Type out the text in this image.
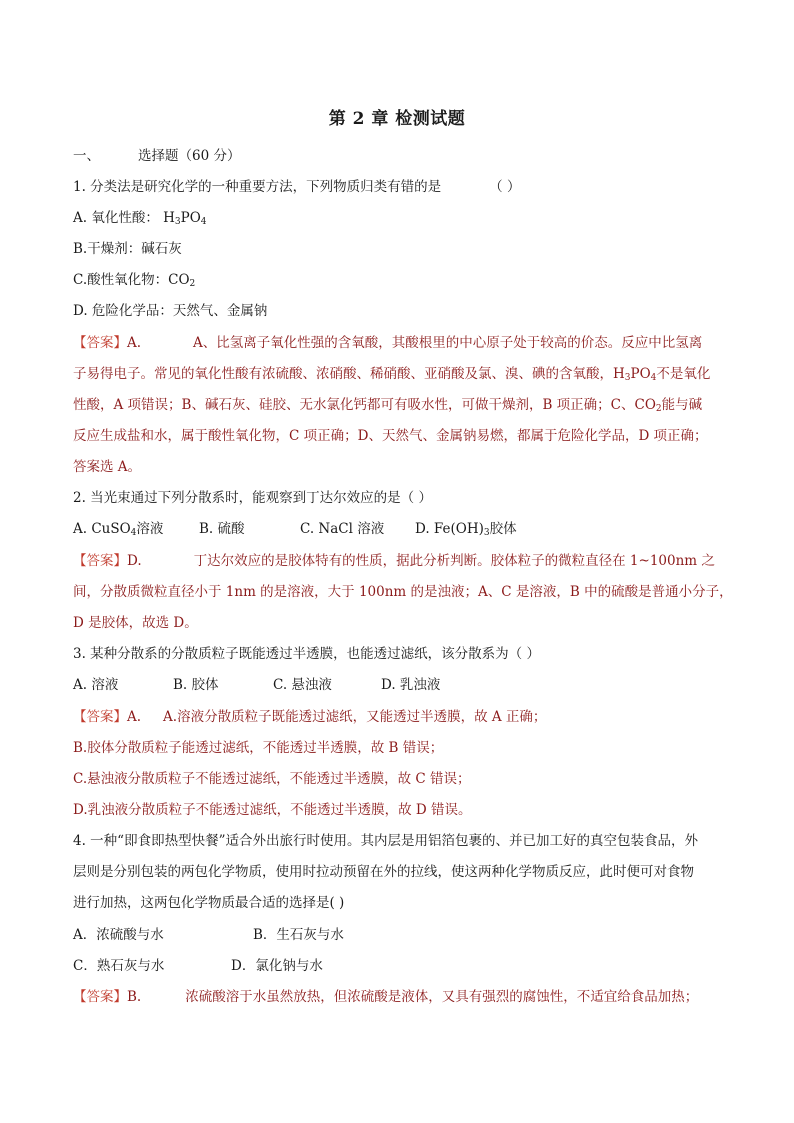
第 2 章 检测试题
一、	选择题（60 分）
1. 分类法是研究化学的一种重要方法，下列物质归类有错的是	（ ）
A. 氧化性酸： $H_3PO_4$
B.干燥剂：碱石灰
C.酸性氧化物：$CO_2$
D. 危险化学品：天然气、金属钠
【答案】A.	A、比氢离子氧化性强的含氧酸，其酸根里的中心原子处于较高的价态。反应中比氢离
子易得电子。常见的氧化性酸有浓硫酸、浓硝酸、稀硝酸、亚硝酸及氯、溴、碘的含氧酸，$H_3PO_4$不是氧化
性酸，A 项错误；B、碱石灰、硅胶、无水氯化钙都可有吸水性，可做干燥剂，B 项正确；C、$CO_2$能与碱
反应生成盐和水，属于酸性氧化物，C 项正确；D、天然气、金属钠易燃，都属于危险化学品，D 项正确；
答案选 A。
2. 当光束通过下列分散系时，能观察到丁达尔效应的是（ ）
A. CuSO$_4$溶液	B. 硫酸	C. NaCl 溶液 D. $Fe(OH)_3$胶体
【答案】D.	丁达尔效应的是胶体特有的性质，据此分析判断。胶体粒子的微粒直径在 1~100nm 之
间，分散质微粒直径小于 1nm 的是溶液，大于 100nm 的是浊液；A、C 是溶液，B 中的硫酸是普通小分子，
D 是胶体，故选 D。
3. 某种分散系的分散质粒子既能透过半透膜，也能透过滤纸，该分散系为（ ）
A. 溶液	B. 胶体	C. 悬浊液	D. 乳浊液
【答案】A. A.溶液分散质粒子既能透过滤纸，又能透过半透膜，故 A 正确；
B.胶体分散质粒子能透过滤纸，不能透过半透膜，故 B 错误；
C.悬浊液分散质粒子不能透过滤纸，不能透过半透膜，故 C 错误；
D.乳浊液分散质粒子不能透过滤纸，不能透过半透膜，故 D 错误。
4. 一种“即食即热型快餐”适合外出旅行时使用。其内层是用铝箔包裹的、并已加工好的真空包装食品，外
层则是分别包装的两包化学物质，使用时拉动预留在外的拉线，使这两种化学物质反应，此时便可对食物
进行加热，这两包化学物质最合适的选择是( )
A．浓硫酸与水	B．生石灰与水
C．熟石灰与水	D．氯化钠与水
【答案】B.	浓硫酸溶于水虽然放热，但浓硫酸是液体，又具有强烈的腐蚀性，不适宜给食品加热；
